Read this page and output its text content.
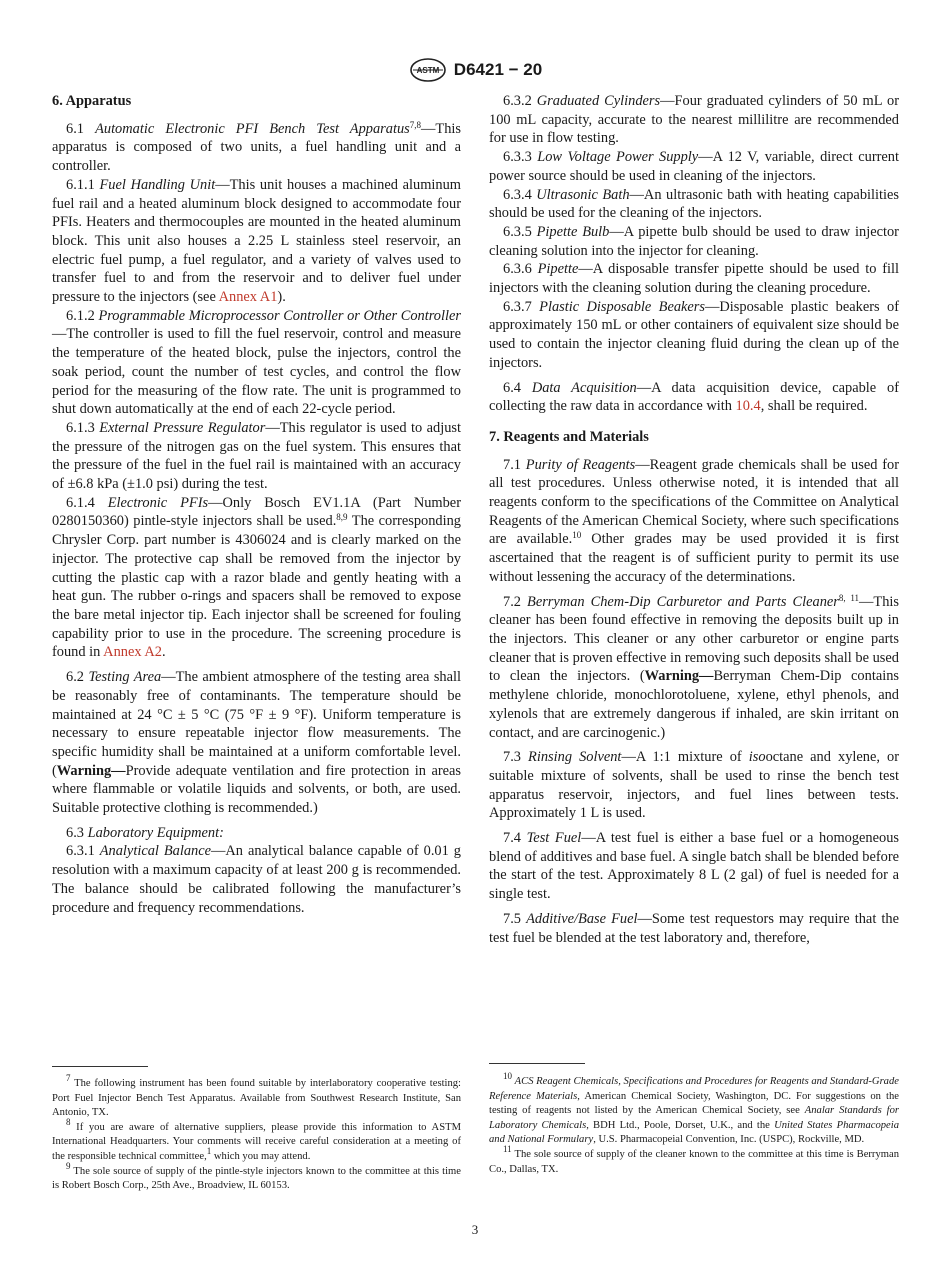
ASTM D6421 − 20
6. Apparatus

6.1 Automatic Electronic PFI Bench Test Apparatus$^{7,8}$—This apparatus is composed of two units, a fuel handling unit and a controller.

6.1.1 Fuel Handling Unit—This unit houses a machined aluminum fuel rail and a heated aluminum block designed to accommodate four PFIs. Heaters and thermocouples are mounted in the heated aluminum block. This unit also houses a 2.25 L stainless steel reservoir, an electric fuel pump, a fuel regulator, and a variety of valves used to transfer fuel to and from the reservoir and to deliver fuel under pressure to the injectors (see Annex A1).

6.1.2 Programmable Microprocessor Controller or Other Controller—The controller is used to fill the fuel reservoir, control and measure the temperature of the heated block, pulse the injectors, control the soak period, count the number of test cycles, and control the flow period for the measuring of the flow rate. The unit is programmed to shut down automatically at the end of each 22-cycle period.

6.1.3 External Pressure Regulator—This regulator is used to adjust the pressure of the nitrogen gas on the fuel system. This ensures that the pressure of the fuel in the fuel rail is maintained with an accuracy of ±6.8 kPa (±1.0 psi) during the test.

6.1.4 Electronic PFIs—Only Bosch EV1.1A (Part Number 0280150360) pintle-style injectors shall be used.$^{8,9}$ The corresponding Chrysler Corp. part number is 4306024 and is clearly marked on the injector. The protective cap shall be removed from the injector by cutting the plastic cap with a razor blade and gently heating with a heat gun. The rubber o-rings and spacers shall be removed to expose the bare metal injector tip. Each injector shall be screened for fouling capability prior to use in the procedure. The screening procedure is found in Annex A2.

6.2 Testing Area—The ambient atmosphere of the testing area shall be reasonably free of contaminants. The temperature should be maintained at 24 °C ± 5 °C (75 °F ± 9 °F). Uniform temperature is necessary to ensure repeatable injector flow measurements. The specific humidity shall be maintained at a uniform comfortable level. (Warning—Provide adequate ventilation and fire protection in areas where flammable or volatile liquids and solvents, or both, are used. Suitable protective clothing is recommended.)

6.3 Laboratory Equipment:

6.3.1 Analytical Balance—An analytical balance capable of 0.01 g resolution with a maximum capacity of at least 200 g is recommended. The balance should be calibrated following the manufacturer’s procedure and frequency recommendations.

6.3.2 Graduated Cylinders—Four graduated cylinders of 50 mL or 100 mL capacity, accurate to the nearest millilitre are recommended for use in flow testing.

6.3.3 Low Voltage Power Supply—A 12 V, variable, direct current power source should be used in cleaning of the injectors.

6.3.4 Ultrasonic Bath—An ultrasonic bath with heating capabilities should be used for the cleaning of the injectors.

6.3.5 Pipette Bulb—A pipette bulb should be used to draw injector cleaning solution into the injector for cleaning.

6.3.6 Pipette—A disposable transfer pipette should be used to fill injectors with the cleaning solution during the cleaning procedure.

6.3.7 Plastic Disposable Beakers—Disposable plastic beakers of approximately 150 mL or other containers of equivalent size should be used to contain the injector cleaning fluid during the clean up of the injectors.

6.4 Data Acquisition—A data acquisition device, capable of collecting the raw data in accordance with 10.4, shall be required.

7. Reagents and Materials

7.1 Purity of Reagents—Reagent grade chemicals shall be used for all test procedures. Unless otherwise noted, it is intended that all reagents conform to the specifications of the Committee on Analytical Reagents of the American Chemical Society, where such specifications are available.$^{10}$ Other grades may be used provided it is first ascertained that the reagent is of sufficient purity to permit its use without lessening the accuracy of the determinations.

7.2 Berryman Chem-Dip Carburetor and Parts Cleaner$^{8, 11}$—This cleaner has been found effective in removing the deposits built up in the injectors. This cleaner or any other carburetor or engine parts cleaner that is proven effective in removing such deposits shall be used to clean the injectors. (Warning—Berryman Chem-Dip contains methylene chloride, monochlorotoluene, xylene, ethyl phenols, and xylenols that are extremely dangerous if inhaled, are skin irritant on contact, and are carcinogenic.)

7.3 Rinsing Solvent—A 1:1 mixture of isooctane and xylene, or suitable mixture of solvents, shall be used to rinse the bench test apparatus reservoir, injectors, and fuel lines between tests. Approximately 1 L is used.

7.4 Test Fuel—A test fuel is either a base fuel or a homogeneous blend of additives and base fuel. A single batch shall be blended before the start of the test. Approximately 8 L (2 gal) of fuel is needed for a single test.

7.5 Additive/Base Fuel—Some test requestors may require that the test fuel be blended at the test laboratory and, therefore,

$^7$ The following instrument has been found suitable by interlaboratory cooperative testing: Port Fuel Injector Bench Test Apparatus. Available from Southwest Research Institute, San Antonio, TX.

$^8$ If you are aware of alternative suppliers, please provide this information to ASTM International Headquarters. Your comments will receive careful consideration at a meeting of the responsible technical committee,$^1$ which you may attend.

$^9$ The sole source of supply of the pintle-style injectors known to the committee at this time is Robert Bosch Corp., 25th Ave., Broadview, IL 60153.

$^{10}$ ACS Reagent Chemicals, Specifications and Procedures for Reagents and Standard-Grade Reference Materials, American Chemical Society, Washington, DC. For suggestions on the testing of reagents not listed by the American Chemical Society, see Analar Standards for Laboratory Chemicals, BDH Ltd., Poole, Dorset, U.K., and the United States Pharmacopeia and National Formulary, U.S. Pharmacopeial Convention, Inc. (USPC), Rockville, MD.

$^{11}$ The sole source of supply of the cleaner known to the committee at this time is Berryman Co., Dallas, TX.

3
